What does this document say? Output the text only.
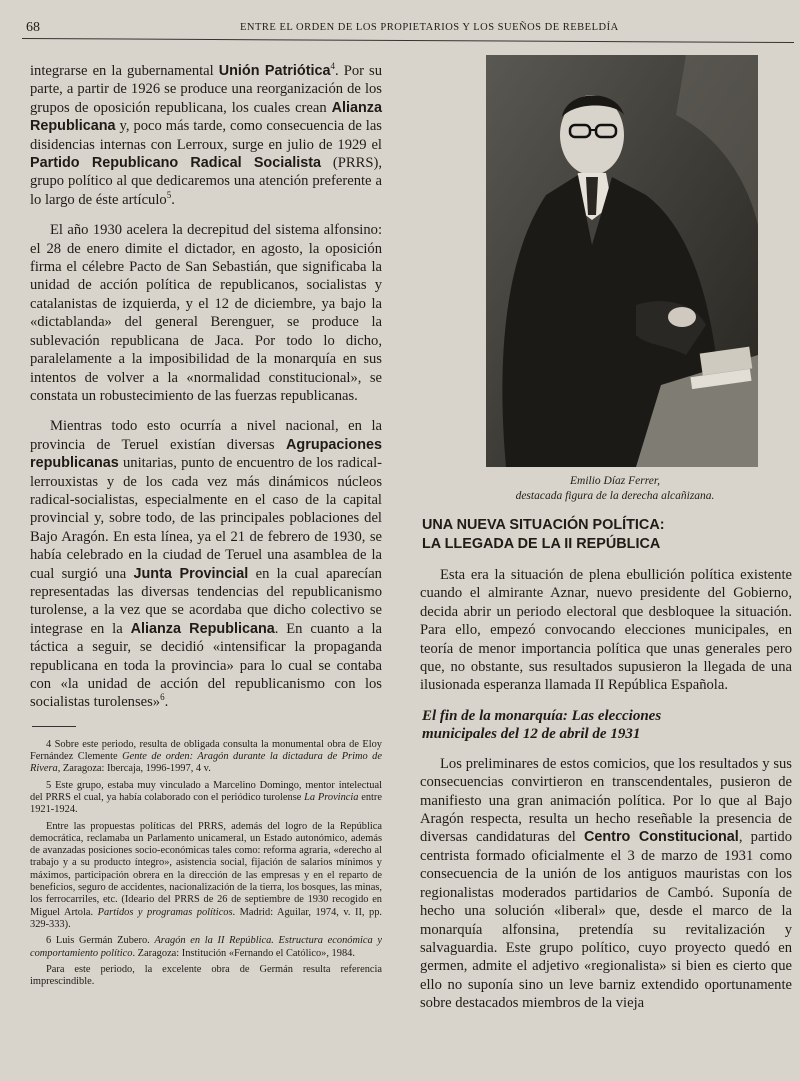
68	ENTRE EL ORDEN DE LOS PROPIETARIOS Y LOS SUEÑOS DE REBELDÍA

integrarse en la gubernamental Unión Patriótica$^4$. Por su parte, a partir de 1926 se produce una reorganización de los grupos de oposición republicana, los cuales crean Alianza Republicana y, poco más tarde, como consecuencia de las disidencias internas con Lerroux, surge en julio de 1929 el Partido Republicano Radical Socialista (PRRS), grupo político al que dedicaremos una atención preferente a lo largo de éste artículo$^5$.

El año 1930 acelera la decrepitud del sistema alfonsino: el 28 de enero dimite el dictador, en agosto, la oposición firma el célebre Pacto de San Sebastián, que significaba la unidad de acción política de republicanos, socialistas y catalanistas de izquierda, y el 12 de diciembre, ya bajo la «dictablanda» del general Berenguer, se produce la sublevación republicana de Jaca. Por todo lo dicho, paralelamente a la imposibilidad de la monarquía en sus intentos de volver a la «normalidad constitucional», se constata un robustecimiento de las fuerzas republicanas.

Mientras todo esto ocurría a nivel nacional, en la provincia de Teruel existían diversas Agrupaciones republicanas unitarias, punto de encuentro de los radical-lerrouxistas y de los cada vez más dinámicos núcleos radical-socialistas, especialmente en el caso de la capital provincial y, sobre todo, de las principales poblaciones del Bajo Aragón. En esta línea, ya el 21 de febrero de 1930, se había celebrado en la ciudad de Teruel una asamblea de la cual surgió una Junta Provincial en la cual aparecían representadas las diversas tendencias del republicanismo turolense, a la vez que se acordaba que dicho colectivo se integrase en la Alianza Republicana. En cuanto a la táctica a seguir, se decidió «intensificar la propaganda republicana en toda la provincia» para lo cual se contaba con «la unidad de acción del republicanismo con los socialistas turolenses»$^6$.

4 Sobre este periodo, resulta de obligada consulta la monumental obra de Eloy Fernández Clemente Gente de orden: Aragón durante la dictadura de Primo de Rivera, Zaragoza: Ibercaja, 1996-1997, 4 v.

5 Este grupo, estaba muy vinculado a Marcelino Domingo, mentor intelectual del PRRS el cual, ya había colaborado con el periódico turolense La Provincia entre 1921-1924.

Entre las propuestas políticas del PRRS, además del logro de la República democrática, reclamaba un Parlamento unicameral, un Estado autonómico, además de avanzadas posiciones socio-económicas tales como: reforma agraria, «derecho al trabajo y a su producto íntegro», asistencia social, fijación de salarios mínimos y máximos, participación obrera en la dirección de las empresas y en el reparto de beneficios, seguro de accidentes, nacionalización de la tierra, los bosques, las minas, los ferrocarriles, etc. (Ideario del PRRS de 26 de septiembre de 1930 recogido en Miguel Artola. Partidos y programas políticos. Madrid: Aguilar, 1974, v. II, pp. 329-333).

6 Luis Germán Zubero. Aragón en la II República. Estructura económica y comportamiento político. Zaragoza: Institución «Fernando el Católico», 1984.

Para este periodo, la excelente obra de Germán resulta referencia imprescindible.

Emilio Díaz Ferrer,
destacada figura de la derecha alcañizana.
UNA NUEVA SITUACIÓN POLÍTICA:
LA LLEGADA DE LA II REPÚBLICA

Esta era la situación de plena ebullición política existente cuando el almirante Aznar, nuevo presidente del Gobierno, decida abrir un periodo electoral que desbloquee la situación. Para ello, empezó convocando elecciones municipales, en teoría de menor importancia política que unas generales pero que, no obstante, sus resultados supusieron la llegada de una ilusionada esperanza llamada II República Española.

El fin de la monarquía: Las elecciones
municipales del 12 de abril de 1931

Los preliminares de estos comicios, que los resultados y sus consecuencias convirtieron en transcendentales, pusieron de manifiesto una gran animación política. Por lo que al Bajo Aragón respecta, resulta un hecho reseñable la presencia de diversas candidaturas del Centro Constitucional, partido centrista formado oficialmente el 3 de marzo de 1931 como consecuencia de la unión de los antiguos mauristas con los regionalistas moderados partidarios de Cambó. Suponía de hecho una solución «liberal» que, desde el marco de la monarquía alfonsina, pretendía su revitalización y salvaguardia. Este grupo político, cuyo proyecto quedó en germen, admite el adjetivo «regionalista» si bien es cierto que ello no suponía sino un leve barniz extendido oportunamente sobre destacados miembros de la vieja
